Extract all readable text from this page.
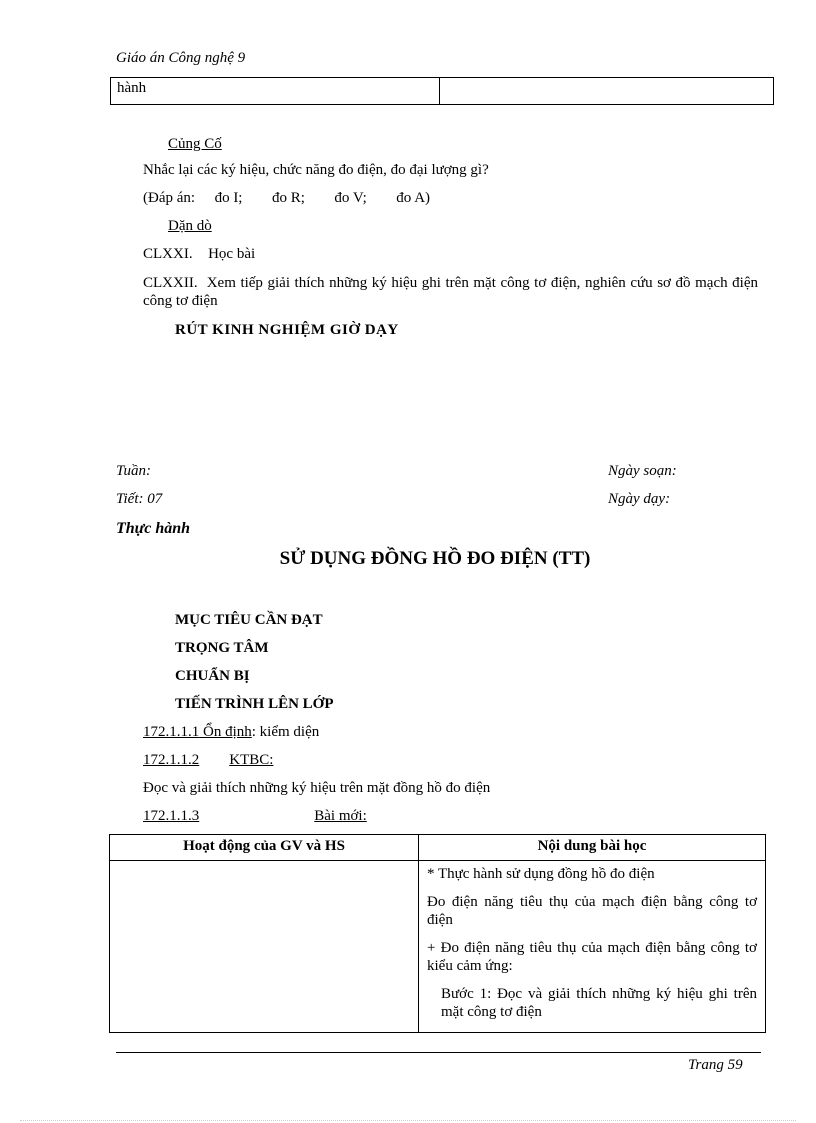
Giáo án Công nghệ 9
hành	
Củng Cố
Nhắc lại các ký hiệu, chức năng đo điện, đo đại lượng gì?
(Đáp án: đo I; đo R; đo V; đo A)
Dặn dò
CLXXI. Học bài
CLXXII. Xem tiếp giải thích những ký hiệu ghi trên mặt công tơ điện, nghiên cứu sơ đồ mạch điện công tơ điện
RÚT KINH NGHIỆM GIỜ DẠY
Tuần:	Ngày soạn:
Tiết: 07	Ngày dạy:
Thực hành
SỬ DỤNG ĐỒNG HỒ ĐO ĐIỆN (TT)
MỤC TIÊU CẦN ĐẠT
TRỌNG TÂM
CHUẨN BỊ
TIẾN TRÌNH LÊN LỚP
172.1.1.1 Ổn định: kiểm diện
172.1.1.2 KTBC:
Đọc và giải thích những ký hiệu trên mặt đồng hồ đo điện
172.1.1.3	Bài mới:
Hoạt động của GV và HS	Nội dung bài học

	* Thực hành sử dụng đồng hồ đo điện
Đo điện năng tiêu thụ của mạch điện bằng công tơ điện
+ Đo điện năng tiêu thụ của mạch điện bằng công tơ kiểu cảm ứng:
Bước 1: Đọc và giải thích những ký hiệu ghi trên mặt công tơ điện
Trang 59
